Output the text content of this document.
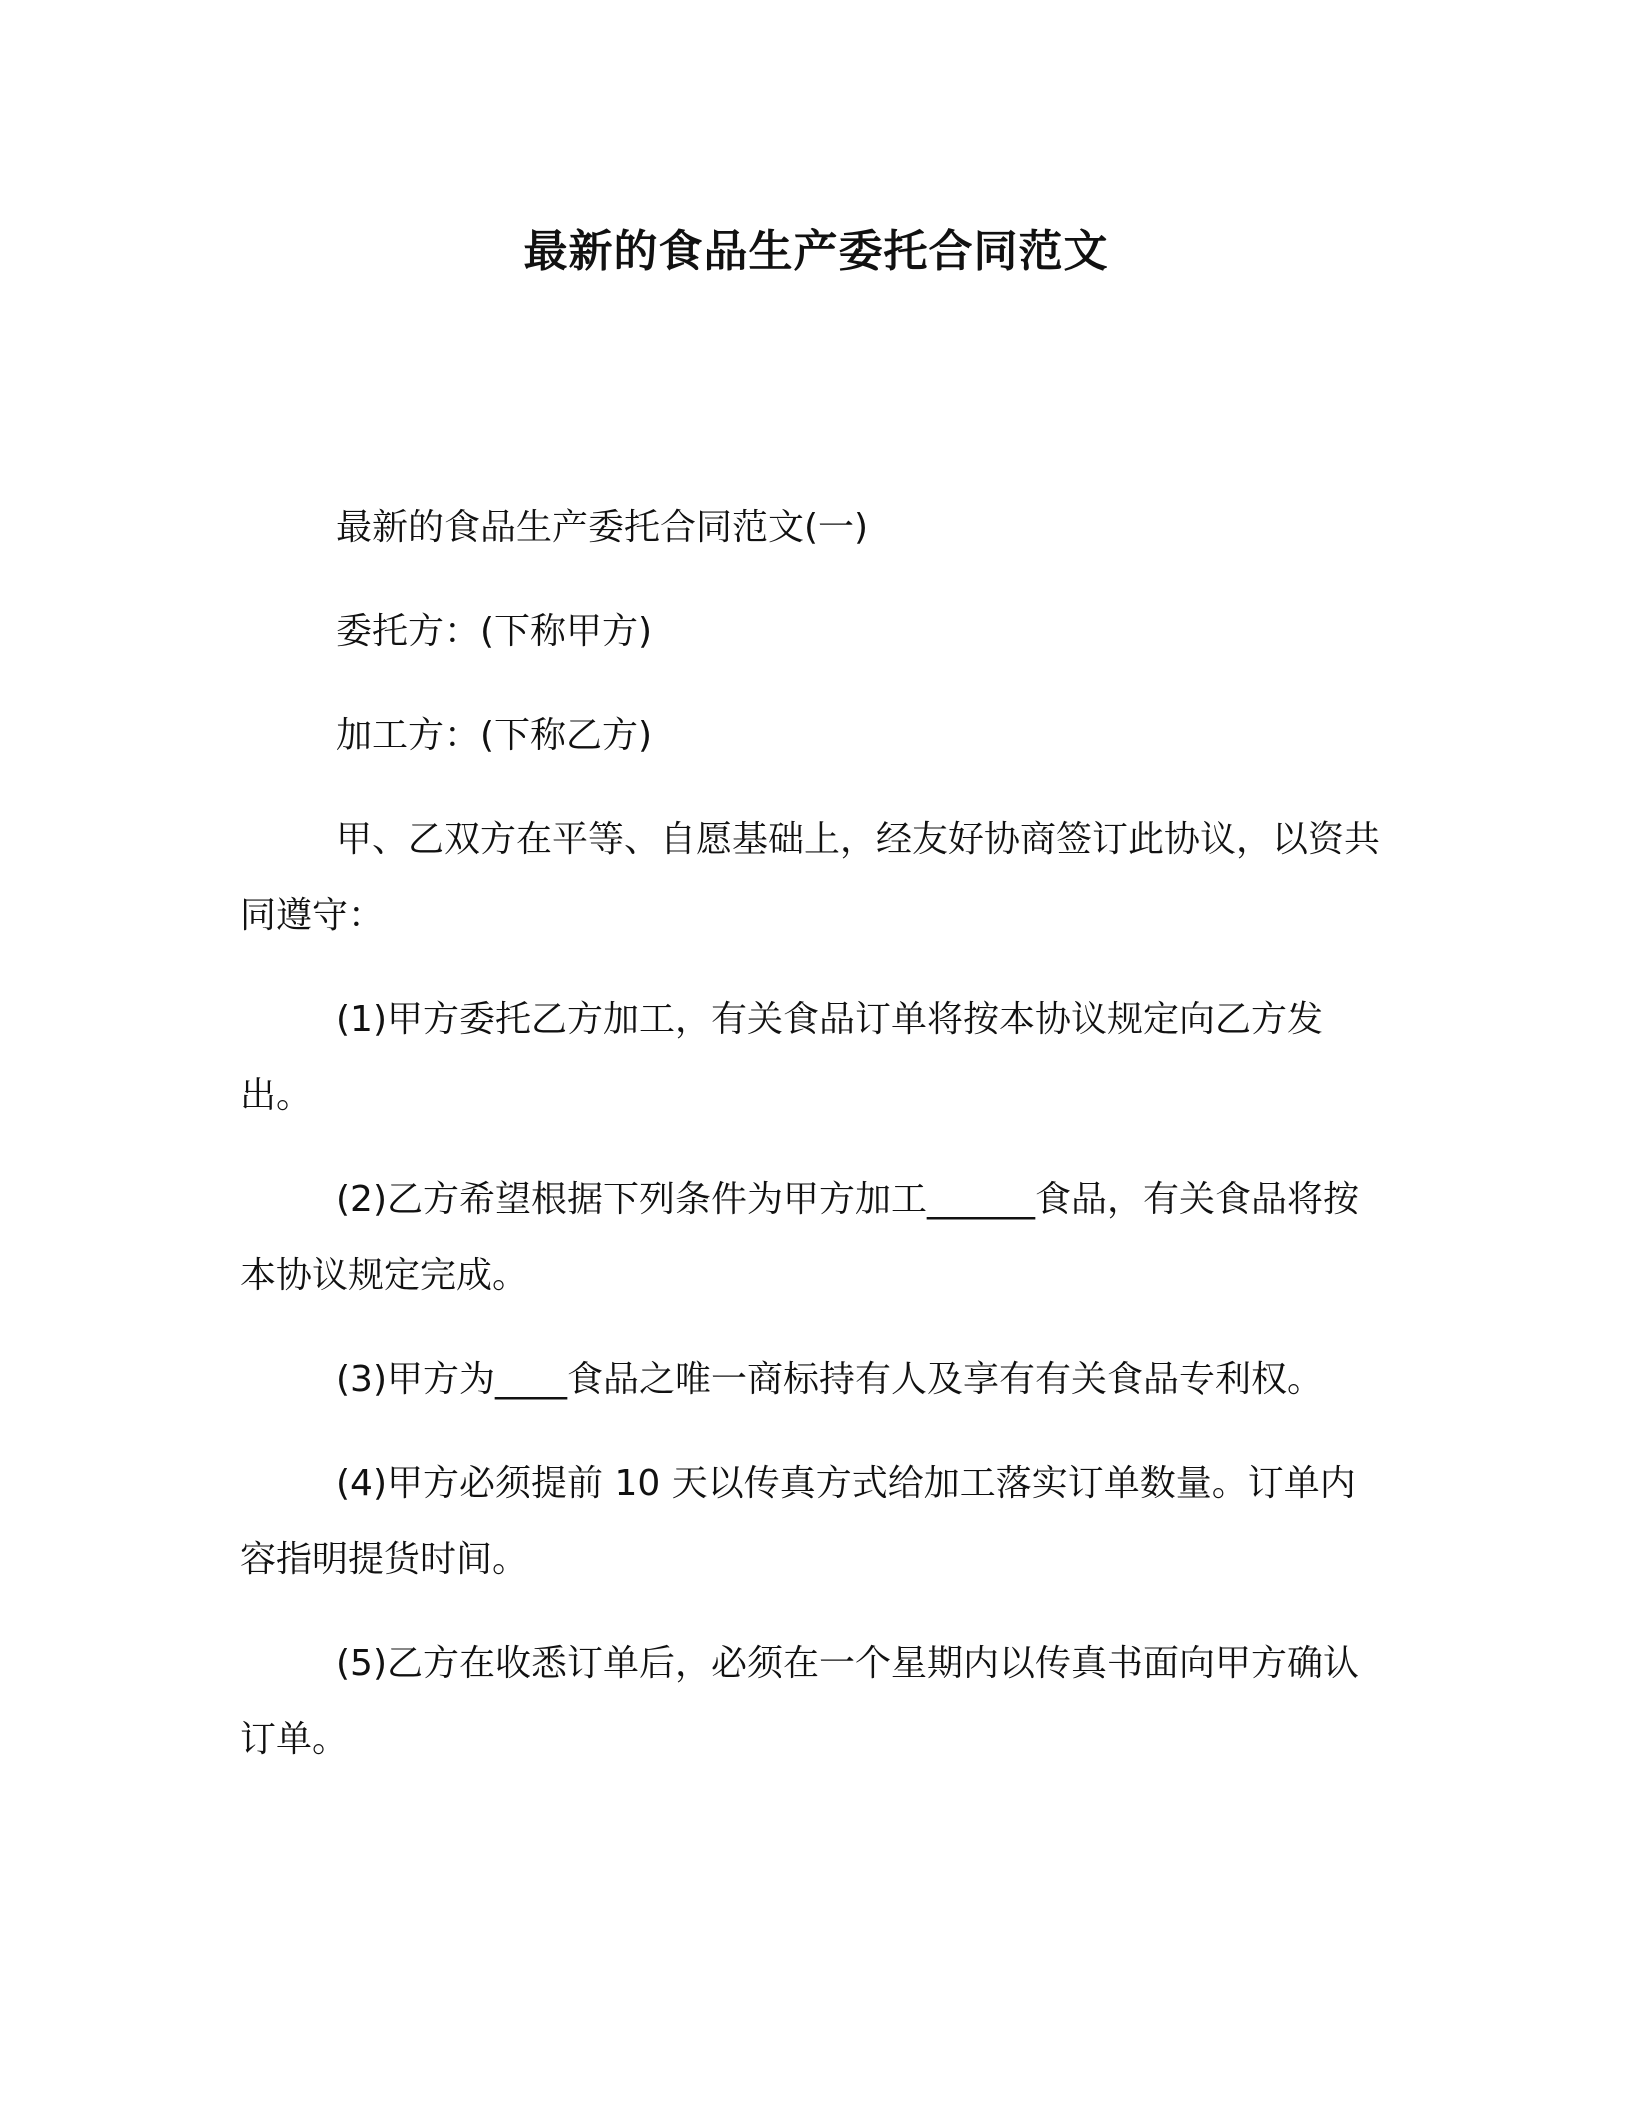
最新的食品生产委托合同范文

最新的食品生产委托合同范文(一)

委托方：(下称甲方)

加工方：(下称乙方)

甲、乙双方在平等、自愿基础上，经友好协商签订此协议，以资共同遵守：

(1)甲方委托乙方加工，有关食品订单将按本协议规定向乙方发出。

(2)乙方希望根据下列条件为甲方加工______食品，有关食品将按本协议规定完成。

(3)甲方为____食品之唯一商标持有人及享有有关食品专利权。

(4)甲方必须提前 10 天以传真方式给加工落实订单数量。订单内容指明提货时间。

(5)乙方在收悉订单后，必须在一个星期内以传真书面向甲方确认订单。
